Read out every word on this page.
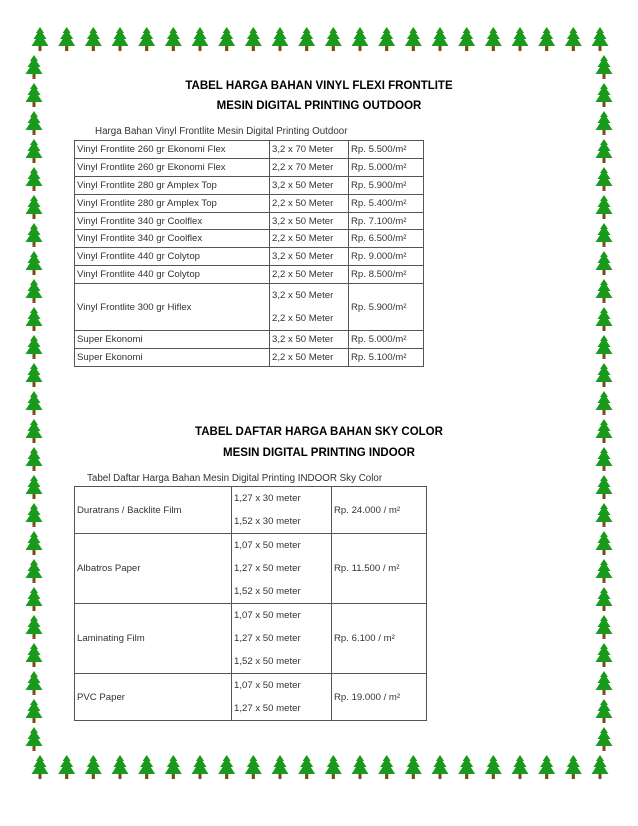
TABEL HARGA BAHAN VINYL FLEXI FRONTLITE
MESIN DIGITAL PRINTING OUTDOOR
Harga Bahan Vinyl Frontlite Mesin Digital Printing Outdoor
Vinyl Frontlite 260 gr Ekonomi Flex	3,2 x 70 Meter	Rp. 5.500/m²
Vinyl Frontlite 260 gr Ekonomi Flex	2,2 x 70 Meter	Rp. 5.000/m²
Vinyl Frontlite 280 gr Amplex Top	3,2 x 50 Meter	Rp. 5.900/m²
Vinyl Frontlite 280 gr Amplex Top	2,2 x 50 Meter	Rp. 5.400/m²
Vinyl Frontlite 340 gr Coolflex	3,2 x 50 Meter	Rp. 7.100/m²
Vinyl Frontlite 340 gr Coolflex	2,2 x 50 Meter	Rp. 6.500/m²
Vinyl Frontlite 440 gr Colytop	3,2 x 50 Meter	Rp. 9.000/m²
Vinyl Frontlite 440 gr Colytop	2,2 x 50 Meter	Rp. 8.500/m²
Vinyl Frontlite 300 gr Hiflex	3,2 x 50 Meter
2,2 x 50 Meter	Rp. 5.900/m²
Super Ekonomi	3,2 x 50 Meter	Rp. 5.000/m²
Super Ekonomi	2,2 x 50 Meter	Rp. 5.100/m²
TABEL DAFTAR HARGA BAHAN SKY COLOR
MESIN DIGITAL PRINTING INDOOR
Tabel Daftar Harga Bahan Mesin Digital Printing INDOOR Sky Color
Duratrans / Backlite Film	1,27 x 30 meter
1,52 x 30 meter	Rp. 24.000 / m²
Albatros Paper	1,07 x 50 meter
1,27 x 50 meter
1,52 x 50 meter	Rp. 11.500 / m²
Laminating Film	1,07 x 50 meter
1,27 x 50 meter
1,52 x 50 meter	Rp. 6.100 / m²
PVC Paper	1,07 x 50 meter
1,27 x 50 meter	Rp. 19.000 / m²
